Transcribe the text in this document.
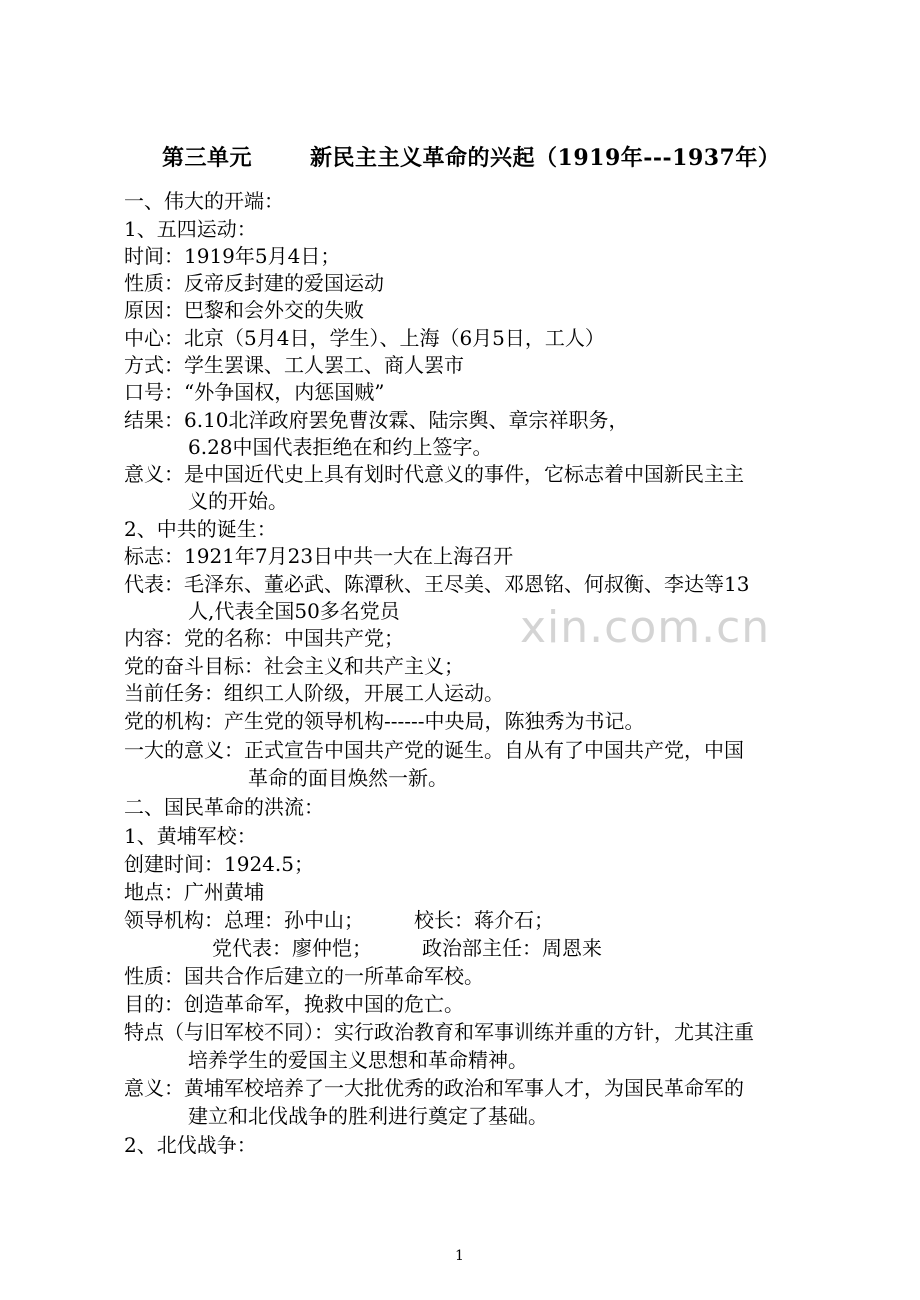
第三单元	新民主主义革命的兴起（1919年---1937年）
一、伟大的开端：
1、五四运动：
时间：1919年5月4日；
性质：反帝反封建的爱国运动
原因：巴黎和会外交的失败
中心：北京（5月4日，学生）、上海（6月5日，工人）
方式：学生罢课、工人罢工、商人罢市
口号：“外争国权，内惩国贼”
结果：6.10北洋政府罢免曹汝霖、陆宗舆、章宗祥职务，
6.28中国代表拒绝在和约上签字。
意义：是中国近代史上具有划时代意义的事件，它标志着中国新民主主
义的开始。
2、中共的诞生：
标志：1921年7月23日中共一大在上海召开
代表：毛泽东、董必武、陈潭秋、王尽美、邓恩铭、何叔衡、李达等13
人,代表全国50多名党员
内容：党的名称：中国共产党；
党的奋斗目标：社会主义和共产主义；
当前任务：组织工人阶级，开展工人运动。
党的机构：产生党的领导机构------中央局，陈独秀为书记。
一大的意义：正式宣告中国共产党的诞生。自从有了中国共产党，中国
革命的面目焕然一新。
二、国民革命的洪流：
1、黄埔军校：
创建时间：1924.5；
地点：广州黄埔
领导机构：总理：孙中山；　　　校长：蒋介石；
党代表：廖仲恺；　　　政治部主任：周恩来
性质：国共合作后建立的一所革命军校。
目的：创造革命军，挽救中国的危亡。
特点（与旧军校不同）：实行政治教育和军事训练并重的方针，尤其注重
培养学生的爱国主义思想和革命精神。
意义：黄埔军校培养了一大批优秀的政治和军事人才，为国民革命军的
建立和北伐战争的胜利进行奠定了基础。
2、北伐战争：
xin.com.cn
1
